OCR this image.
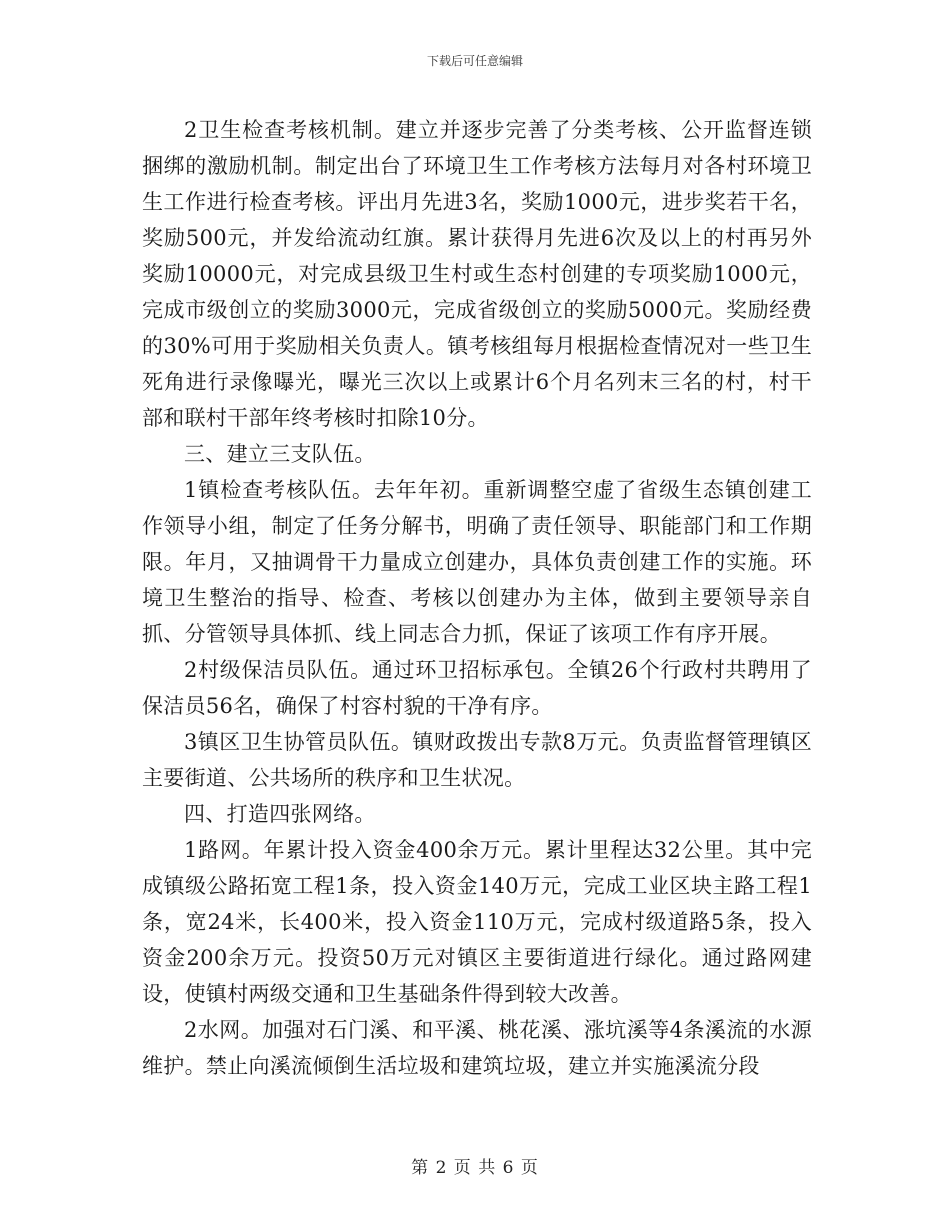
下载后可任意编辑

2卫生检查考核机制。建立并逐步完善了分类考核、公开监督连锁捆绑的激励机制。制定出台了环境卫生工作考核方法每月对各村环境卫生工作进行检查考核。评出月先进3名，奖励1000元，进步奖若干名，奖励500元，并发给流动红旗。累计获得月先进6次及以上的村再另外奖励10000元，对完成县级卫生村或生态村创建的专项奖励1000元，完成市级创立的奖励3000元，完成省级创立的奖励5000元。奖励经费的30%可用于奖励相关负责人。镇考核组每月根据检查情况对一些卫生死角进行录像曝光，曝光三次以上或累计6个月名列末三名的村，村干部和联村干部年终考核时扣除10分。

三、建立三支队伍。

1镇检查考核队伍。去年年初。重新调整空虚了省级生态镇创建工作领导小组，制定了任务分解书，明确了责任领导、职能部门和工作期限。年月，又抽调骨干力量成立创建办，具体负责创建工作的实施。环境卫生整治的指导、检查、考核以创建办为主体，做到主要领导亲自抓、分管领导具体抓、线上同志合力抓，保证了该项工作有序开展。

2村级保洁员队伍。通过环卫招标承包。全镇26个行政村共聘用了保洁员56名，确保了村容村貌的干净有序。

3镇区卫生协管员队伍。镇财政拨出专款8万元。负责监督管理镇区主要街道、公共场所的秩序和卫生状况。

四、打造四张网络。

1路网。年累计投入资金400余万元。累计里程达32公里。其中完成镇级公路拓宽工程1条，投入资金140万元，完成工业区块主路工程1条，宽24米，长400米，投入资金110万元，完成村级道路5条，投入资金200余万元。投资50万元对镇区主要街道进行绿化。通过路网建设，使镇村两级交通和卫生基础条件得到较大改善。

2水网。加强对石门溪、和平溪、桃花溪、涨坑溪等4条溪流的水源维护。禁止向溪流倾倒生活垃圾和建筑垃圾，建立并实施溪流分段

第 2 页 共 6 页
